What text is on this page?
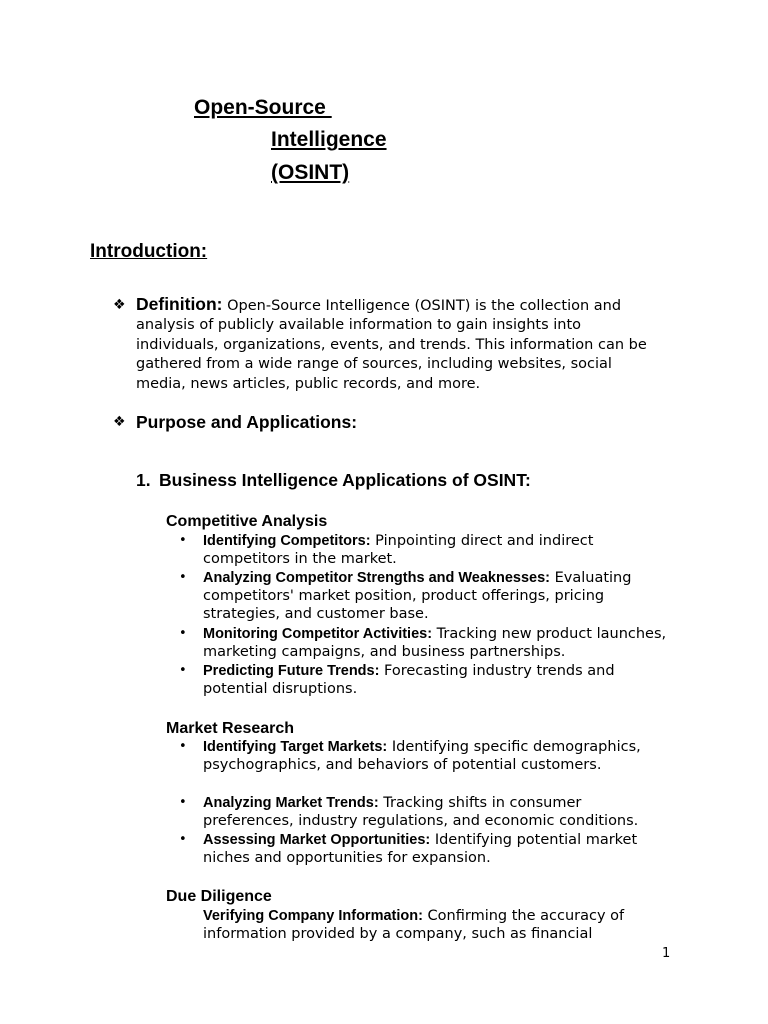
Open-Source
Intelligence
(OSINT)
Introduction:
❖ Definition: Open-Source Intelligence (OSINT) is the collection and analysis of publicly available information to gain insights into individuals, organizations, events, and trends. This information can be gathered from a wide range of sources, including websites, social media, news articles, public records, and more.
❖ Purpose and Applications:
1. Business Intelligence Applications of OSINT:
Competitive Analysis
• Identifying Competitors: Pinpointing direct and indirect competitors in the market.
• Analyzing Competitor Strengths and Weaknesses: Evaluating competitors' market position, product offerings, pricing strategies, and customer base.
• Monitoring Competitor Activities: Tracking new product launches, marketing campaigns, and business partnerships.
• Predicting Future Trends: Forecasting industry trends and potential disruptions.
Market Research
• Identifying Target Markets: Identifying specific demographics, psychographics, and behaviors of potential customers.
• Analyzing Market Trends: Tracking shifts in consumer preferences, industry regulations, and economic conditions.
• Assessing Market Opportunities: Identifying potential market niches and opportunities for expansion.
Due Diligence
• Verifying Company Information: Confirming the accuracy of information provided by a company, such as financial
1
